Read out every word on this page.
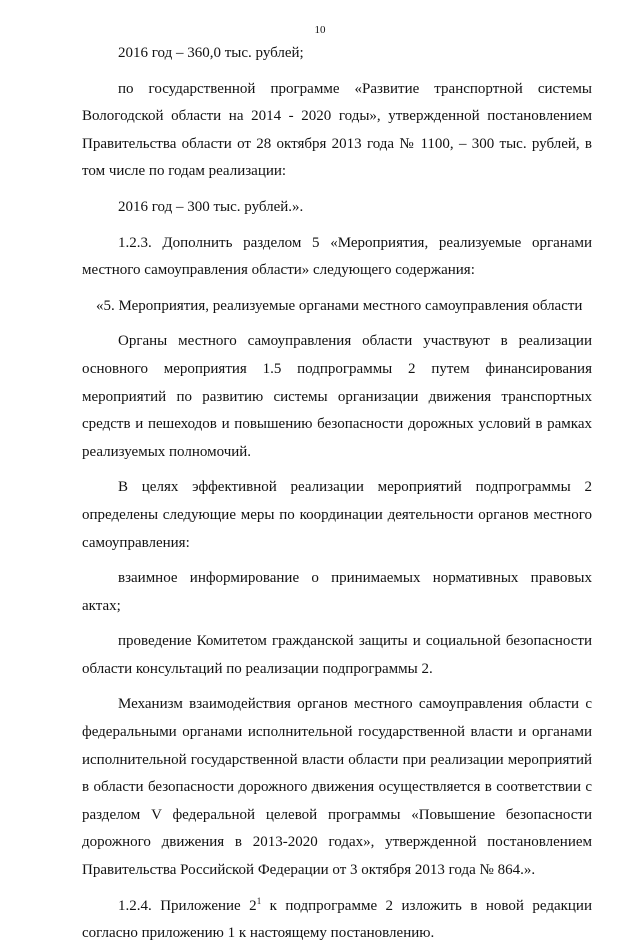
10

2016 год – 360,0 тыс. рублей;

по государственной программе «Развитие транспортной системы Вологодской области на 2014 - 2020 годы», утвержденной постановлением Правительства области от 28 октября 2013 года № 1100, – 300 тыс. рублей, в том числе по годам реализации:

2016 год – 300 тыс. рублей.».

1.2.3. Дополнить разделом 5 «Мероприятия, реализуемые органами местного самоуправления области» следующего содержания:

«5. Мероприятия, реализуемые органами местного самоуправления области

Органы местного самоуправления области участвуют в реализации основного мероприятия 1.5 подпрограммы 2 путем финансирования мероприятий по развитию системы организации движения транспортных средств и пешеходов и повышению безопасности дорожных условий в рамках реализуемых полномочий.

В целях эффективной реализации мероприятий подпрограммы 2 определены следующие меры по координации деятельности органов местного самоуправления:

взаимное информирование о принимаемых нормативных правовых актах;

проведение Комитетом гражданской защиты и социальной безопасности области консультаций по реализации подпрограммы 2.

Механизм взаимодействия органов местного самоуправления области с федеральными органами исполнительной государственной власти и органами исполнительной государственной власти области при реализации мероприятий в области безопасности дорожного движения осуществляется в соответствии с разделом V федеральной целевой программы «Повышение безопасности дорожного движения в 2013-2020 годах», утвержденной постановлением Правительства Российской Федерации от 3 октября 2013 года № 864.».

1.2.4. Приложение $2^1$ к подпрограмме 2 изложить в новой редакции согласно приложению 1 к настоящему постановлению.
